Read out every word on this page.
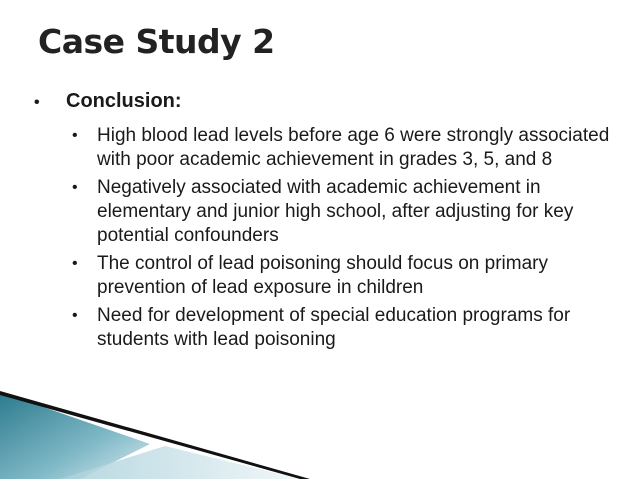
Case Study 2
•	Conclusion:
•	High blood lead levels before age 6 were strongly associated with poor academic achievement in grades 3, 5, and 8
•	Negatively associated with academic achievement in elementary and junior high school, after adjusting for key potential confounders
•	The control of lead poisoning should focus on primary prevention of lead exposure in children
•	Need for development of special education programs for students with lead poisoning
